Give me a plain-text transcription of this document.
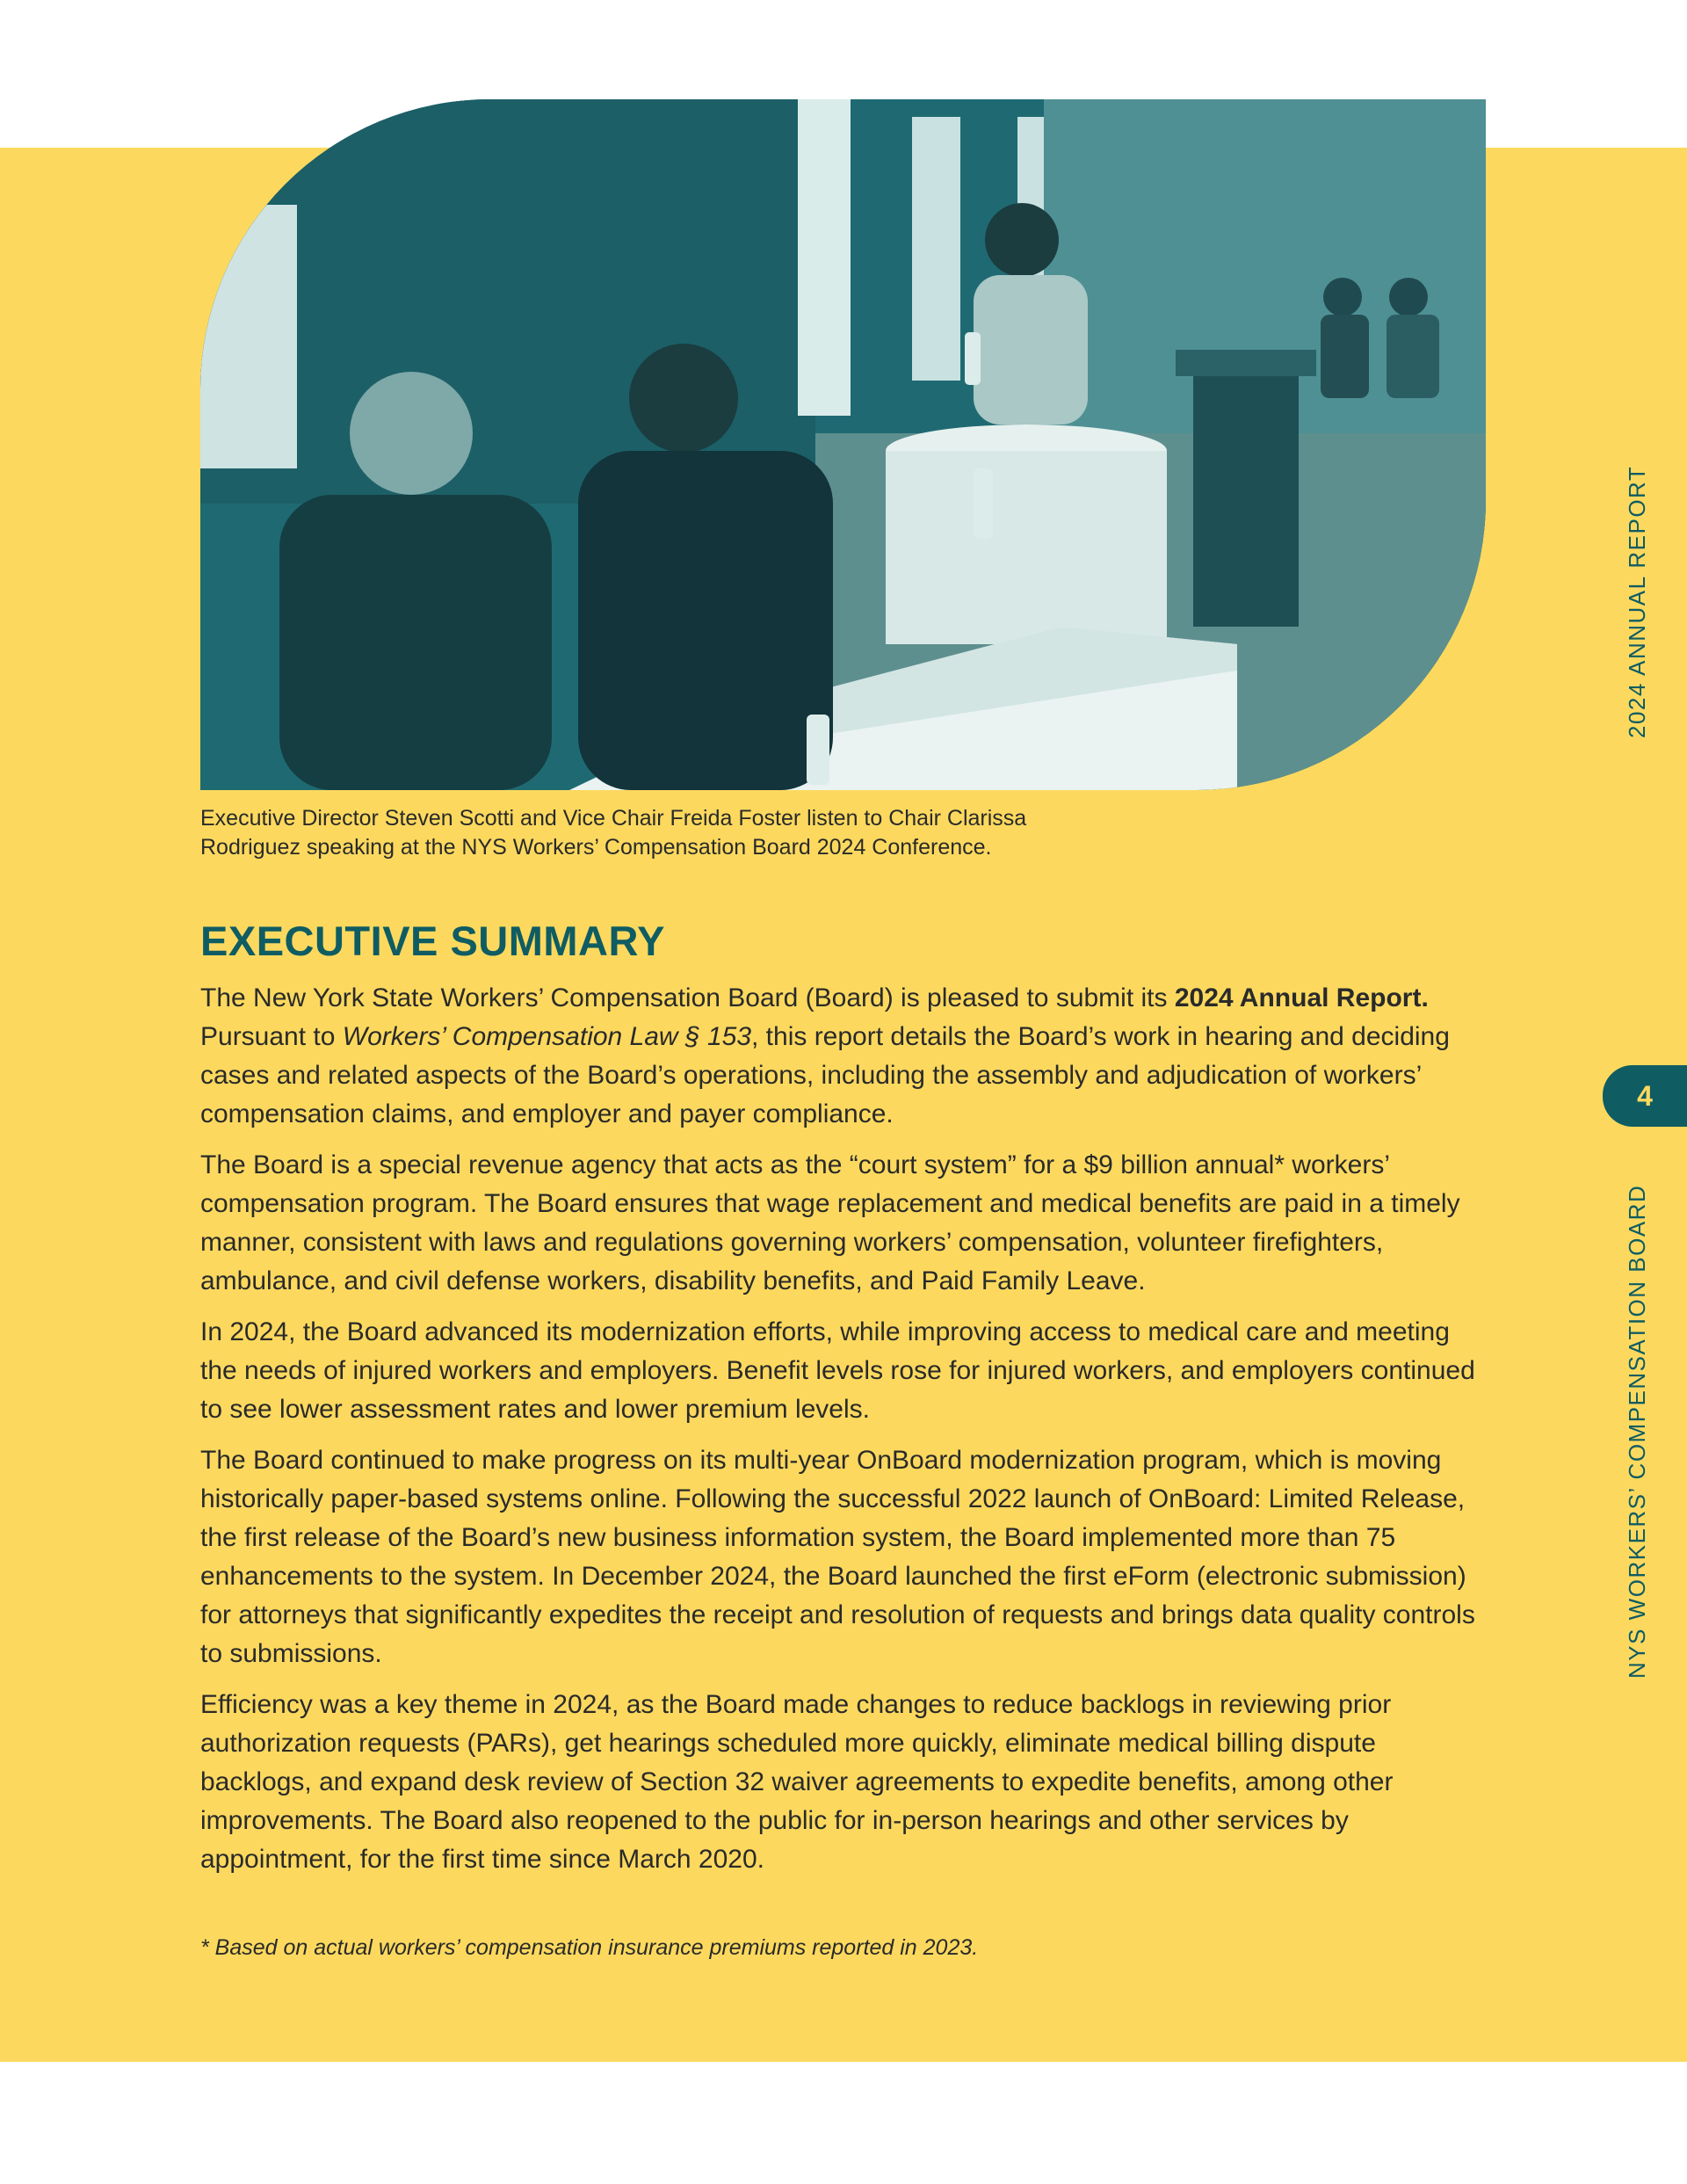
Executive Director Steven Scotti and Vice Chair Freida Foster listen to Chair Clarissa

Rodriguez speaking at the NYS Workers’ Compensation Board 2024 Conference.

EXECUTIVE SUMMARY

The New York State Workers’ Compensation Board (Board) is pleased to submit its 2024 Annual Report. Pursuant to Workers’ Compensation Law § 153, this report details the Board’s work in hearing and deciding cases and related aspects of the Board’s operations, including the assembly and adjudication of workers’ compensation claims, and employer and payer compliance.

The Board is a special revenue agency that acts as the “court system” for a $9 billion annual* workers’ compensation program. The Board ensures that wage replacement and medical benefits are paid in a timely manner, consistent with laws and regulations governing workers’ compensation, volunteer firefighters, ambulance, and civil defense workers, disability benefits, and Paid Family Leave.

In 2024, the Board advanced its modernization efforts, while improving access to medical care and meeting the needs of injured workers and employers. Benefit levels rose for injured workers, and employers continued to see lower assessment rates and lower premium levels.

The Board continued to make progress on its multi-year OnBoard modernization program, which is moving historically paper-based systems online. Following the successful 2022 launch of OnBoard: Limited Release, the first release of the Board’s new business information system, the Board implemented more than 75 enhancements to the system. In December 2024, the Board launched the first eForm (electronic submission) for attorneys that significantly expedites the receipt and resolution of requests and brings data quality controls to submissions.

Efficiency was a key theme in 2024, as the Board made changes to reduce backlogs in reviewing prior authorization requests (PARs), get hearings scheduled more quickly, eliminate medical billing dispute backlogs, and expand desk review of Section 32 waiver agreements to expedite benefits, among other improvements. The Board also reopened to the public for in-person hearings and other services by appointment, for the first time since March 2020.

* Based on actual workers’ compensation insurance premiums reported in 2023.
2024 ANNUAL REPORT
4
NYS WORKERS’ COMPENSATION BOARD
